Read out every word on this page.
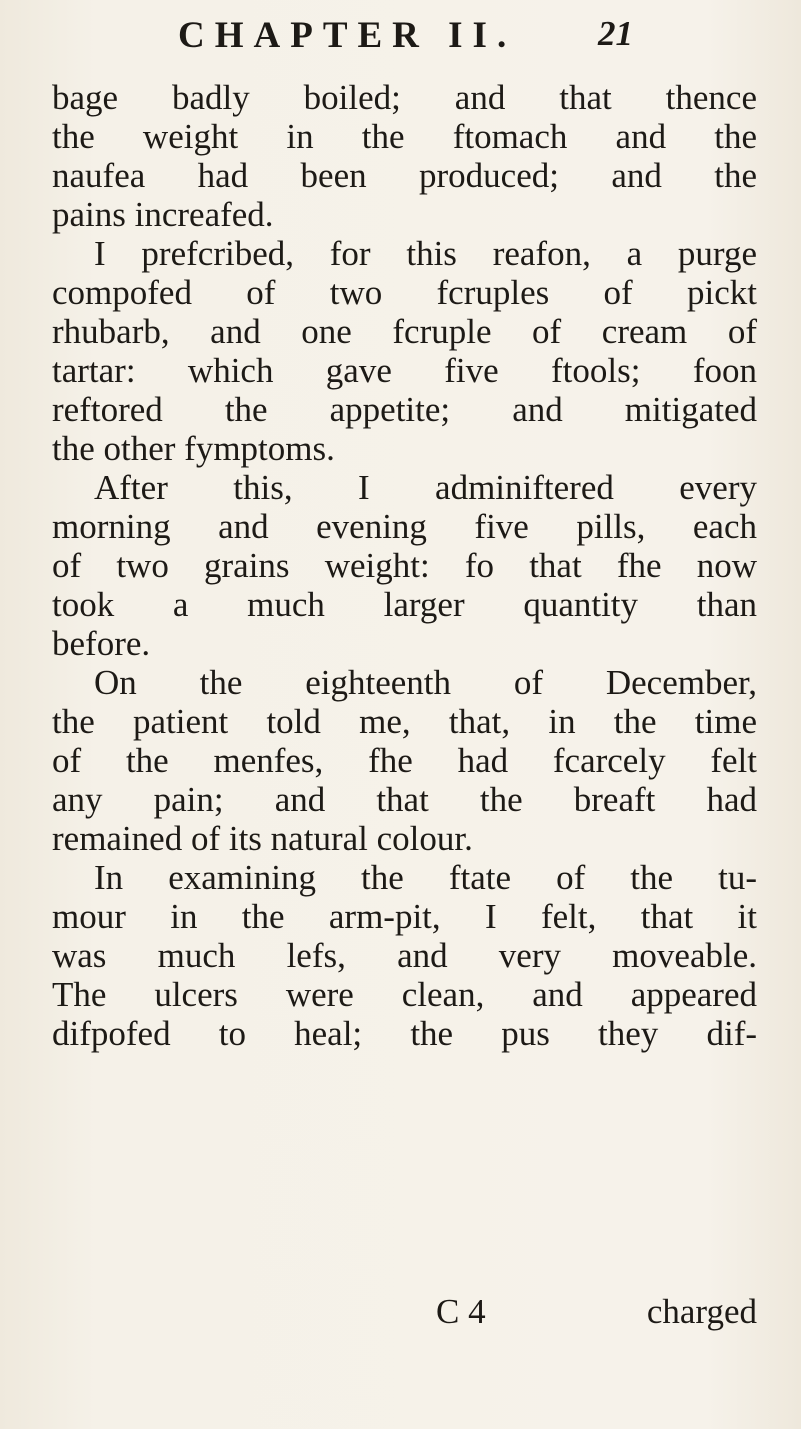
CHAPTER II. 21
bage badly boiled; and that thence
the weight in the ftomach and the
naufea had been produced; and the
pains increafed.
I prefcribed, for this reafon, a purge
compofed of two fcruples of pickt
rhubarb, and one fcruple of cream of
tartar: which gave five ftools; foon
reftored the appetite; and mitigated
the other fymptoms.
After this, I adminiftered every
morning and evening five pills, each
of two grains weight: fo that fhe now
took a much larger quantity than
before.
On the eighteenth of December,
the patient told me, that, in the time
of the menfes, fhe had fcarcely felt
any pain; and that the breaft had
remained of its natural colour.
In examining the ftate of the tu-
mour in the arm-pit, I felt, that it
was much lefs, and very moveable.
The ulcers were clean, and appeared
difpofed to heal; the pus they dif-
C 4	charged
